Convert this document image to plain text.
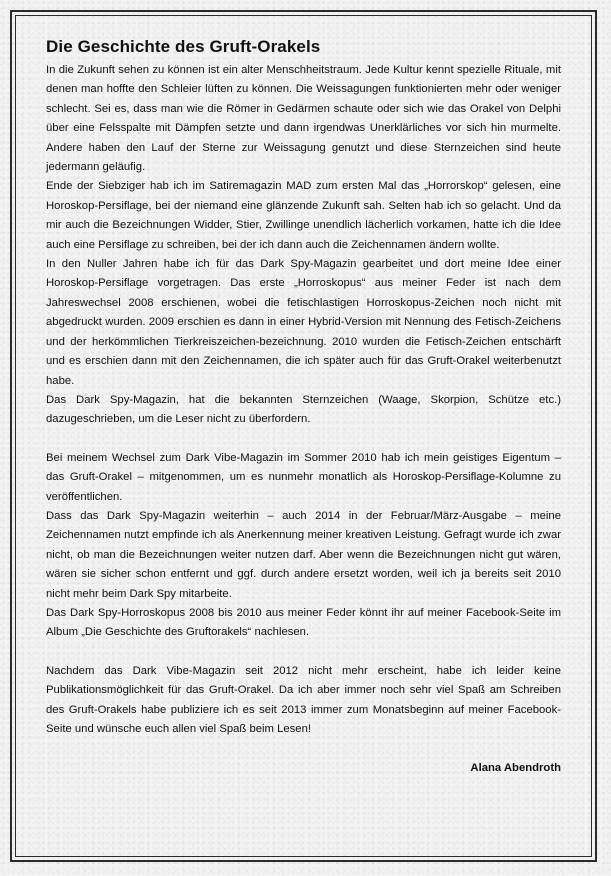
Die Geschichte des Gruft-Orakels

In die Zukunft sehen zu können ist ein alter Menschheitstraum. Jede Kultur kennt spezielle Rituale, mit denen man hoffte den Schleier lüften zu können. Die Weissagungen funktionierten mehr oder weniger schlecht. Sei es, dass man wie die Römer in Gedärmen schaute oder sich wie das Orakel von Delphi über eine Felsspalte mit Dämpfen setzte und dann irgendwas Unerklärliches vor sich hin murmelte. Andere haben den Lauf der Sterne zur Weissagung genutzt und diese Sternzeichen sind heute jedermann geläufig.

Ende der Siebziger hab ich im Satiremagazin MAD zum ersten Mal das „Horrorskop“ gelesen, eine Horoskop-Persiflage, bei der niemand eine glänzende Zukunft sah. Selten hab ich so gelacht. Und da mir auch die Bezeichnungen Widder, Stier, Zwillinge unendlich lächerlich vorkamen, hatte ich die Idee auch eine Persiflage zu schreiben, bei der ich dann auch die Zeichennamen ändern wollte.

In den Nuller Jahren habe ich für das Dark Spy-Magazin gearbeitet und dort meine Idee einer Horoskop-Persiflage vorgetragen. Das erste „Horroskopus“ aus meiner Feder ist nach dem Jahreswechsel 2008 erschienen, wobei die fetischlastigen Horroskopus-Zeichen noch nicht mit abgedruckt wurden. 2009 erschien es dann in einer Hybrid-Version mit Nennung des Fetisch-Zeichens und der herkömmlichen Tierkreiszeichen-bezeichnung. 2010 wurden die Fetisch-Zeichen entschärft und es erschien dann mit den Zeichennamen, die ich später auch für das Gruft-Orakel weiterbenutzt habe.

Das Dark Spy-Magazin, hat die bekannten Sternzeichen (Waage, Skorpion, Schütze etc.) dazugeschrieben, um die Leser nicht zu überfordern.

Bei meinem Wechsel zum Dark Vibe-Magazin im Sommer 2010 hab ich mein geistiges Eigentum – das Gruft-Orakel – mitgenommen, um es nunmehr monatlich als Horoskop-Persiflage-Kolumne zu veröffentlichen.

Dass das Dark Spy-Magazin weiterhin – auch 2014 in der Februar/März-Ausgabe – meine Zeichennamen nutzt empfinde ich als Anerkennung meiner kreativen Leistung. Gefragt wurde ich zwar nicht, ob man die Bezeichnungen weiter nutzen darf. Aber wenn die Bezeichnungen nicht gut wären, wären sie sicher schon entfernt und ggf. durch andere ersetzt worden, weil ich ja bereits seit 2010 nicht mehr beim Dark Spy mitarbeite.

Das Dark Spy-Horroskopus 2008 bis 2010 aus meiner Feder könnt ihr auf meiner Facebook-Seite im Album „Die Geschichte des Gruftorakels“ nachlesen.

Nachdem das Dark Vibe-Magazin seit 2012 nicht mehr erscheint, habe ich leider keine Publikationsmöglichkeit für das Gruft-Orakel. Da ich aber immer noch sehr viel Spaß am Schreiben des Gruft-Orakels habe publiziere ich es seit 2013 immer zum Monatsbeginn auf meiner Facebook-Seite und wünsche euch allen viel Spaß beim Lesen!

Alana Abendroth
